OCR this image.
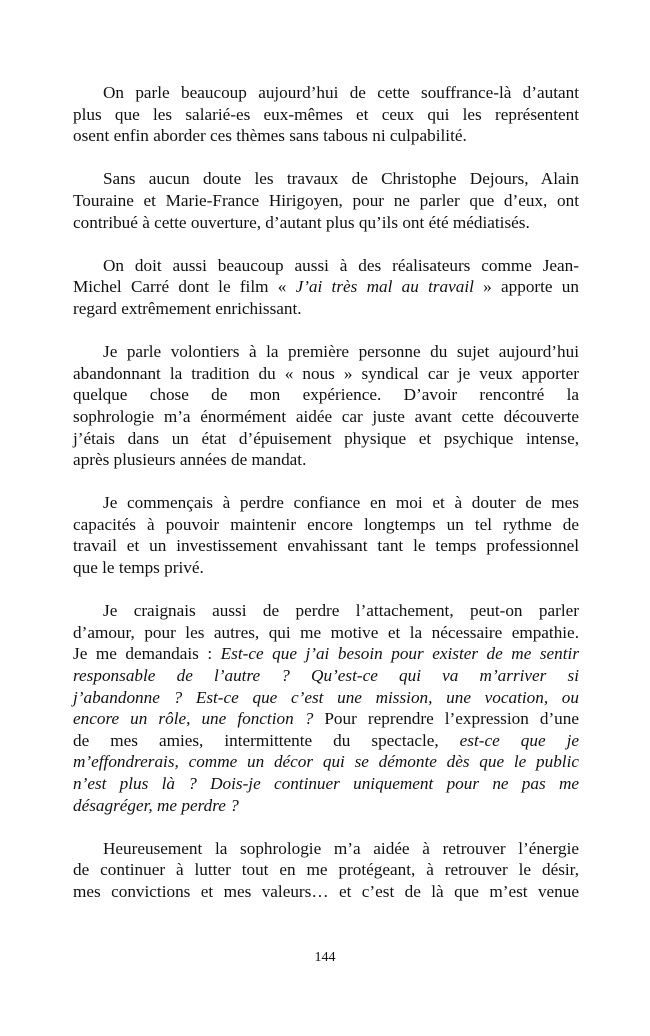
On parle beaucoup aujourd’hui de cette souffrance-là d’autant
plus que les salarié-es eux-mêmes et ceux qui les représentent
osent enfin aborder ces thèmes sans tabous ni culpabilité.
Sans aucun doute les travaux de Christophe Dejours, Alain
Touraine et Marie-France Hirigoyen, pour ne parler que d’eux, ont
contribué à cette ouverture, d’autant plus qu’ils ont été médiatisés.
On doit aussi beaucoup aussi à des réalisateurs comme Jean-
Michel Carré dont le film « J’ai très mal au travail » apporte un
regard extrêmement enrichissant.
Je parle volontiers à la première personne du sujet aujourd’hui
abandonnant la tradition du « nous » syndical car je veux apporter
quelque chose de mon expérience. D’avoir rencontré la
sophrologie m’a énormément aidée car juste avant cette découverte
j’étais dans un état d’épuisement physique et psychique intense,
après plusieurs années de mandat.
Je commençais à perdre confiance en moi et à douter de mes
capacités à pouvoir maintenir encore longtemps un tel rythme de
travail et un investissement envahissant tant le temps professionnel
que le temps privé.
Je craignais aussi de perdre l’attachement, peut-on parler
d’amour, pour les autres, qui me motive et la nécessaire empathie.
Je me demandais : Est-ce que j’ai besoin pour exister de me sentir
responsable de l’autre ? Qu’est-ce qui va m’arriver si
j’abandonne ? Est-ce que c’est une mission, une vocation, ou
encore un rôle, une fonction ? Pour reprendre l’expression d’une
de mes amies, intermittente du spectacle, est-ce que je
m’effondrerais, comme un décor qui se démonte dès que le public
n’est plus là ? Dois-je continuer uniquement pour ne pas me
désagréger, me perdre ?
Heureusement la sophrologie m’a aidée à retrouver l’énergie
de continuer à lutter tout en me protégeant, à retrouver le désir,
mes convictions et mes valeurs… et c’est de là que m’est venue
144
